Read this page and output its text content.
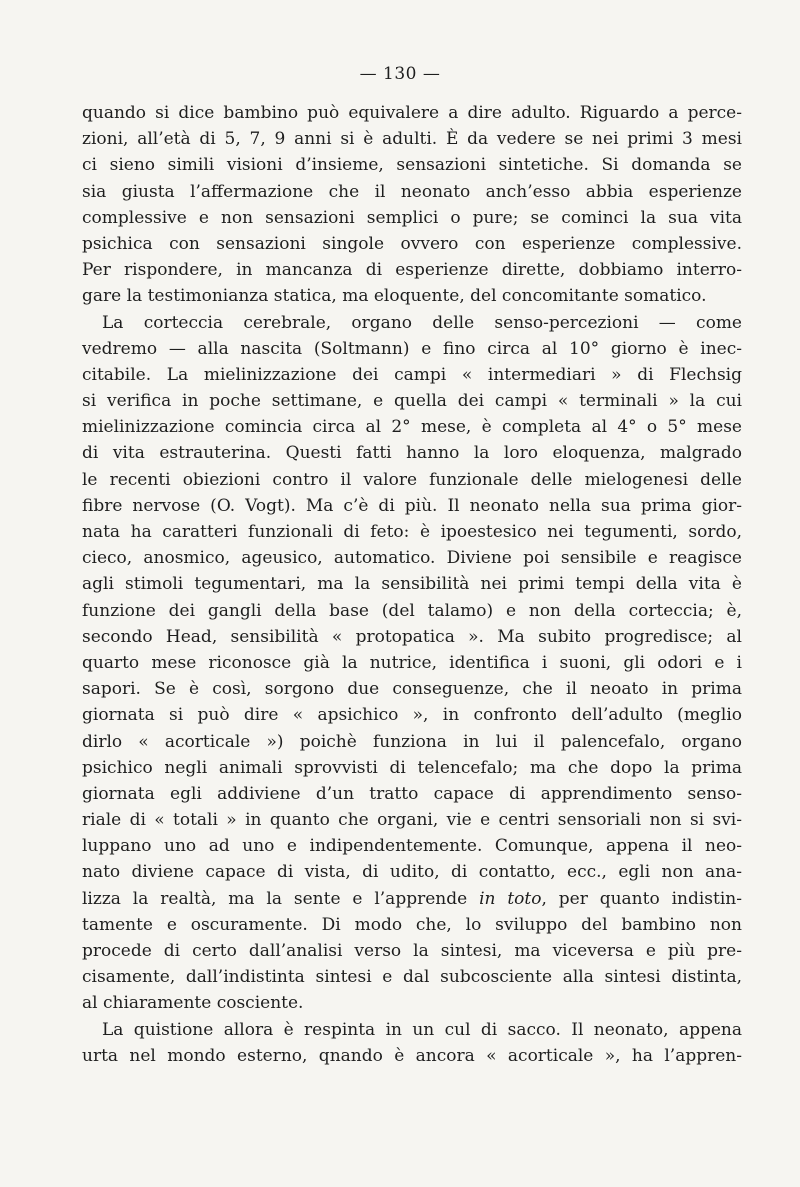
— 130 —
quando si dice bambino può equivalere a dire adulto. Riguardo a perce-
zioni, all’età di 5, 7, 9 anni si è adulti. È da vedere se nei primi 3 mesi
ci sieno simili visioni d’insieme, sensazioni sintetiche. Si domanda se
sia giusta l’affermazione che il neonato anch’esso abbia esperienze
complessive e non sensazioni semplici o pure; se cominci la sua vita
psichica con sensazioni singole ovvero con esperienze complessive.
Per rispondere, in mancanza di esperienze dirette, dobbiamo interro-
gare la testimonianza statica, ma eloquente, del concomitante somatico.
La corteccia cerebrale, organo delle senso-percezioni — come
vedremo — alla nascita (Soltmann) e fino circa al 10° giorno è inec-
citabile. La mielinizzazione dei campi « intermediari » di Flechsig
si verifica in poche settimane, e quella dei campi « terminali » la cui
mielinizzazione comincia circa al 2° mese, è completa al 4° o 5° mese
di vita estrauterina. Questi fatti hanno la loro eloquenza, malgrado
le recenti obiezioni contro il valore funzionale delle mielogenesi delle
fibre nervose (O. Vogt). Ma c’è di più. Il neonato nella sua prima gior-
nata ha caratteri funzionali di feto: è ipoestesico nei tegumenti, sordo,
cieco, anosmico, ageusico, automatico. Diviene poi sensibile e reagisce
agli stimoli tegumentari, ma la sensibilità nei primi tempi della vita è
funzione dei gangli della base (del talamo) e non della corteccia; è,
secondo Head, sensibilità « protopatica ». Ma subito progredisce; al
quarto mese riconosce già la nutrice, identifica i suoni, gli odori e i
sapori. Se è così, sorgono due conseguenze, che il neoato in prima
giornata si può dire « apsichico », in confronto dell’adulto (meglio
dirlo « acorticale ») poichè funziona in lui il palencefalo, organo
psichico negli animali sprovvisti di telencefalo; ma che dopo la prima
giornata egli addiviene d’un tratto capace di apprendimento senso-
riale di « totali » in quanto che organi, vie e centri sensoriali non si svi-
luppano uno ad uno e indipendentemente. Comunque, appena il neo-
nato diviene capace di vista, di udito, di contatto, ecc., egli non ana-
lizza la realtà, ma la sente e l’apprende in toto, per quanto indistin-
tamente e oscuramente. Di modo che, lo sviluppo del bambino non
procede di certo dall’analisi verso la sintesi, ma viceversa e più pre-
cisamente, dall’indistinta sintesi e dal subcosciente alla sintesi distinta,
al chiaramente cosciente.
La quistione allora è respinta in un cul di sacco. Il neonato, appena
urta nel mondo esterno, qnando è ancora « acorticale », ha l’appren-
